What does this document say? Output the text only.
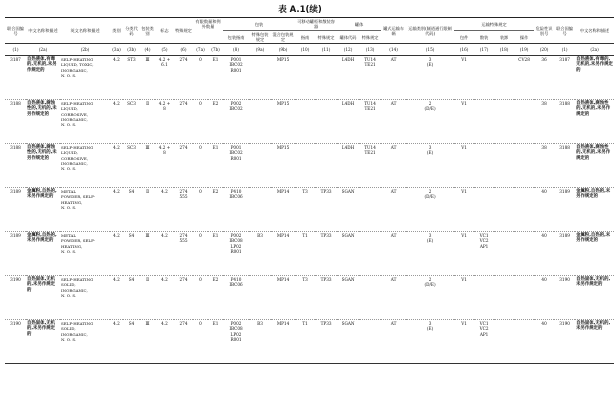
表 A.1(续)
联合国编号	中文名称和描述	英文名称和描述	类别	分类代码	包装类别	标志	特殊规定	有限数量和例外数量		包装			可移动罐柜和散装容器		罐体		罐式运输车辆	运输类别(隧道通行限制代码)	运输特殊规定				危险性识别号	联合国编号	中文名称和描述
										包装指南	特殊包装规定	混合包装规定	指南	特殊规定	罐体代码	特殊规定			包件	散装	装卸	操作			
(1)	(2a)	(2b)	(3a)	(3b)	(4)	(5)	(6)	(7a)	(7b)	(8)	(9a)	(9b)	(10)	(11)	(12)	(13)	(14)	(15)	(16)	(17)	(18)	(19)	(20)	(1)	(2a)

3187	自热液体,有毒的,无机的,未另作规定的	SELF-HEATING
LIQUID, TOXIC,
INORGANIC,
N. O. S.	4.2	ST3	Ⅲ	4.2 +
6.1	274	0	E1	P001
IBC02
R001		MP15			L4DH	TU14
TE21	AT	3
(E)	V1			CV28	36	3187	自热液体,有毒的,无机的,未另作规定的

3188	自热液体,腐蚀性的,无机的,未另作规定的	SELF-HEATING
LIQUID,
CORROSIVE,
INORGANIC,
N. O. S.	4.2	SC3	Ⅱ	4.2 +
8	274	0	E2	P002
IBC02		MP15			L4DH	TU14
TE21	AT	2
(D/E)	V1				38	3188	自热液体,腐蚀性的,无机的,未另作规定的

3188	自热液体,腐蚀性的,无机的,未另作规定的	SELF-HEATING
LIQUID,
CORROSIVE,
INORGANIC,
N. O. S.	4.2	SC3	Ⅲ	4.2 +
8	274	0	E1	P001
IBC02
R001		MP15			L4DH	TU14
TE21	AT	3
(E)	V1				38	3188	自热液体,腐蚀性的,无机的,未另作规定的

3189	金属粉,自热的,未另作规定的	METAL
POWDER, SELF-
HEATING,
N. O. S.	4.2	S4	Ⅱ	4.2	274
555	0	E2	P410
IBC06		MP14	T3	TP33	SGAN		AT	2
(D/E)	V1				40	3189	金属粉,自热的,未另作规定的

3189	金属粉,自热的,未另作规定的	METAL
POWDER, SELF-
HEATING,
N. O. S.	4.2	S4	Ⅲ	4.2	274
555	0	E1	P002
IBC08
LP02
R001	B3	MP14	T1	TP33	SGAN		AT	3
(E)	V1	VC1
VC2
AP1			40	3189	金属粉,自热的,未另作规定的

3190	自热固体,无机的,未另作规定的	SELF-HEATING
SOLID,
INORGANIC,
N. O. S.	4.2	S4	Ⅱ	4.2	274	0	E2	P410
IBC06		MP14	T3	TP33	SGAN		AT	2
(D/E)	V1				40	3190	自热固体,无机的,未另作规定的

3190	自热固体,无机的,未另作规定的	SELF-HEATING
SOLID,
INORGANIC,
N. O. S.	4.2	S4	Ⅲ	4.2	274	0	E1	P002
IBC08
LP02
R001	B3	MP14	T1	TP33	SGAN		AT	3
(E)	V1	VC1
VC2
AP1			40	3190	自热固体,无机的,未另作规定的
